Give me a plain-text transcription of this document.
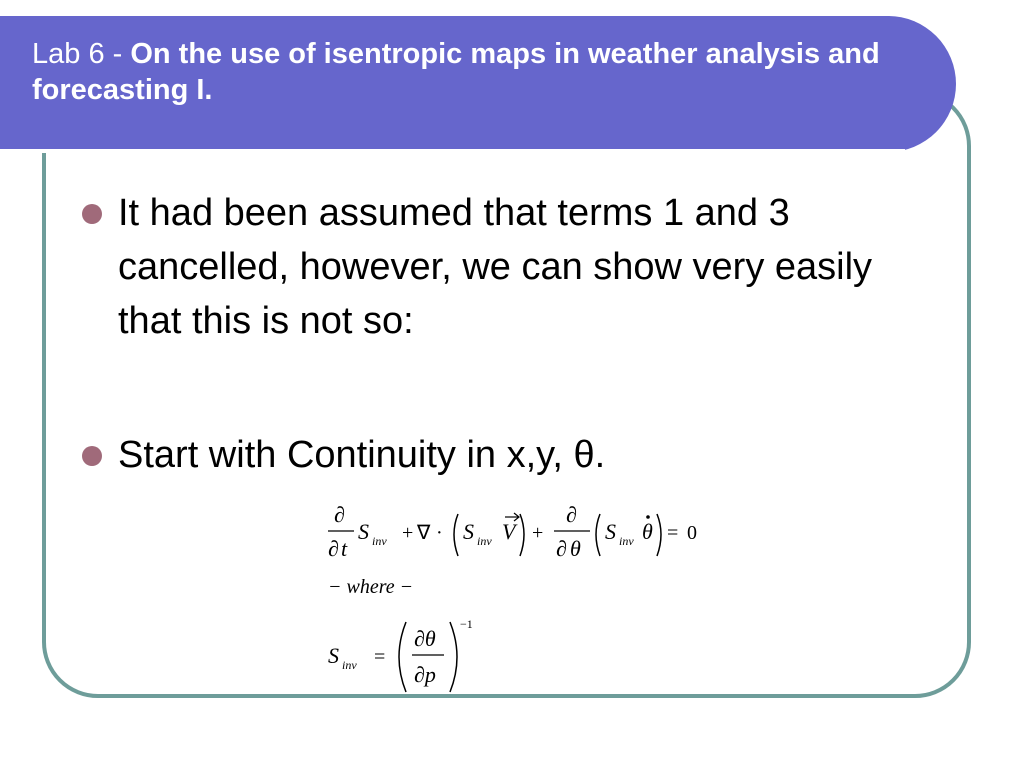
Lab 6 - On the use of isentropic maps in weather analysis and forecasting I.
It had been assumed that terms 1 and 3 cancelled, however, we can show very easily that this is not so:
Start with Continuity in x,y, θ.
∂
∂ t
S inv + ∇ · S inv V +
∂
∂ θ
S inv θ = 0
− where −
S inv =
∂θ
∂p
−1
